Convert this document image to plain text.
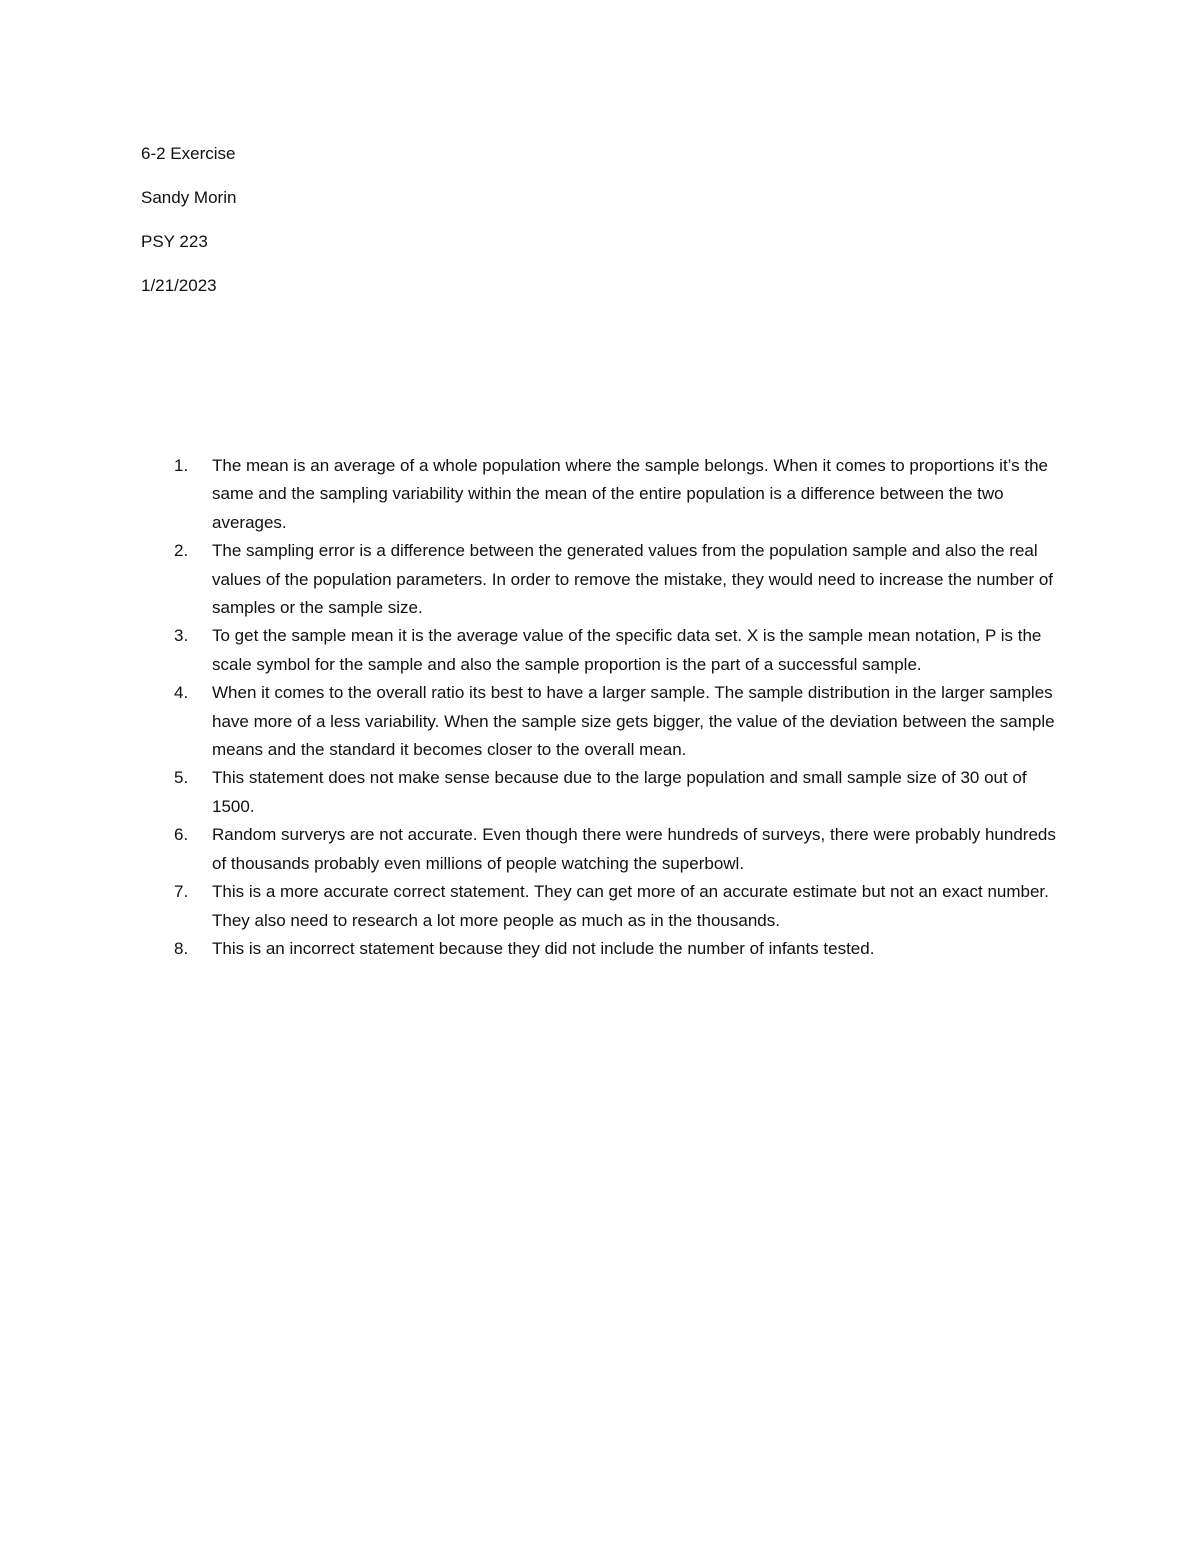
6-2 Exercise
Sandy Morin
PSY 223
1/21/2023
1.	The mean is an average of a whole population where the sample belongs. When it comes to proportions it’s the same and the sampling variability within the mean of the entire population is a difference between the two averages.
2.	The sampling error is a difference between the generated values from the population sample and also the real values of the population parameters. In order to remove the mistake, they would need to increase the number of samples or the sample size.
3.	To get the sample mean it is the average value of the specific data set. X is the sample mean notation, P is the scale symbol for the sample and also the sample proportion is the part of a successful sample.
4.	When it comes to the overall ratio its best to have a larger sample. The sample distribution in the larger samples have more of a less variability. When the sample size gets bigger, the value of the deviation between the sample means and the standard it becomes closer to the overall mean.
5.	This statement does not make sense because due to the large population and small sample size of 30 out of 1500.
6.	Random surverys are not accurate. Even though there were hundreds of surveys, there were probably hundreds of thousands probably even millions of people watching the superbowl.
7.	This is a more accurate correct statement. They can get more of an accurate estimate but not an exact number. They also need to research a lot more people as much as in the thousands.
8.	This is an incorrect statement because they did not include the number of infants tested.
